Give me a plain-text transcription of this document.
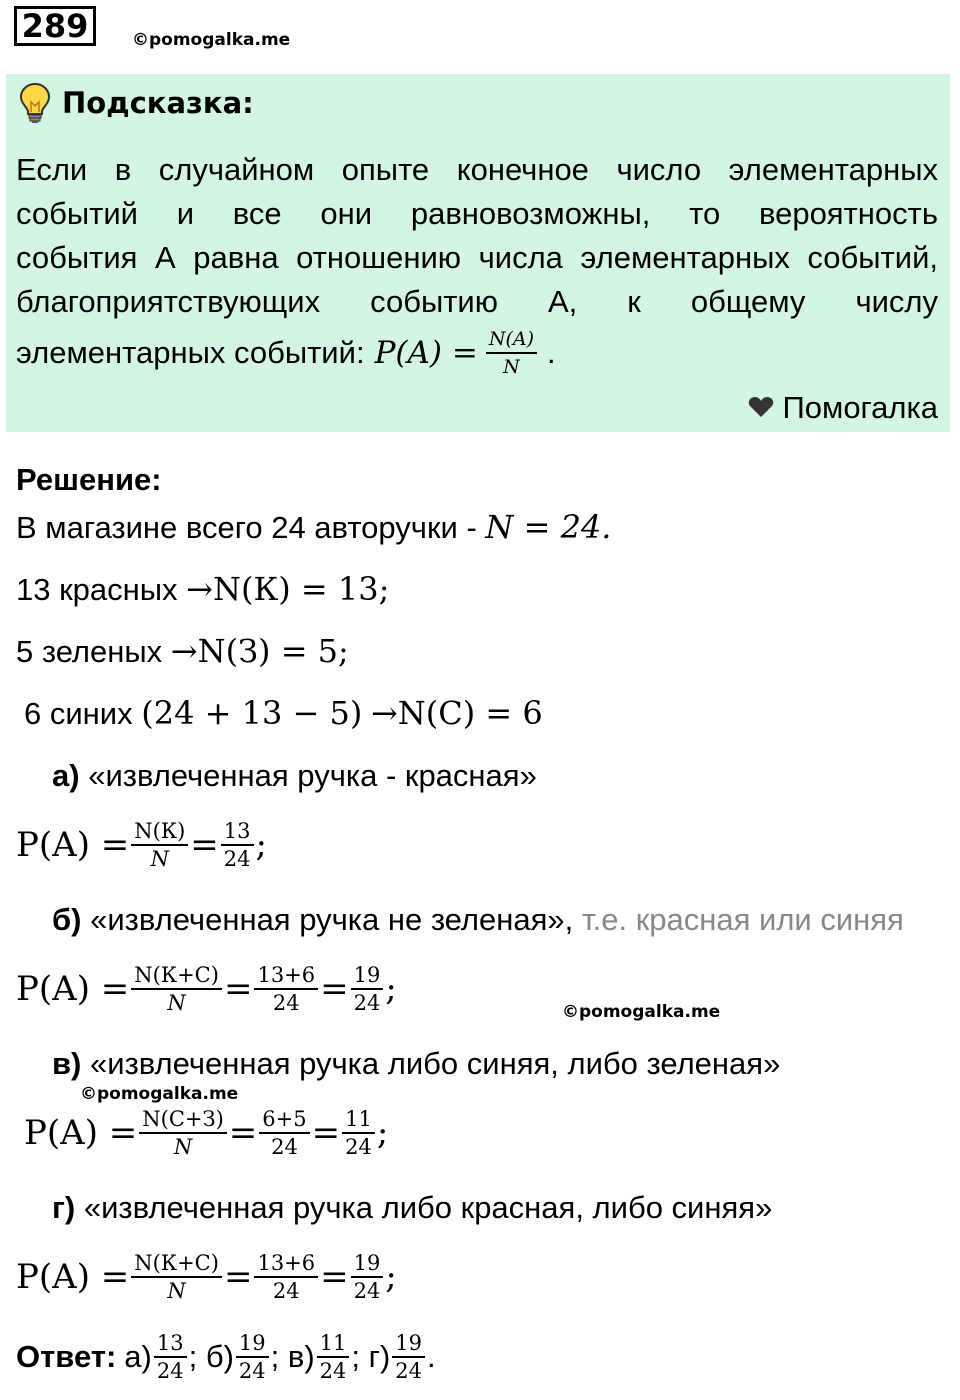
289	©pomogalka.me
Подсказка:
Если в случайном опыте конечное число элементарных
событий и все они равновозможны, то вероятность
события А равна отношению числа элементарных событий,
благоприятствующих событию А, к общему числу
элементарных событий: $P(A) = \frac{N(A)}{N}$ .
Помогалка
Решение:
В магазине всего 24 авторучки - N = 24.
13 красных →N(К) = 13;
5 зеленых →N(З) = 5;
6 синих (24 + 13 − 5) →N(С) = 6
а) «извлеченная ручка - красная»
$P(A) = \frac{N(К)}{N} = \frac{13}{24}$ ;
б) «извлеченная ручка не зеленая», т.е. красная или синяя
$P(A) = \frac{N(К+С)}{N} = \frac{13+6}{24} = \frac{19}{24}$ ;
©pomogalka.me
в) «извлеченная ручка либо синяя, либо зеленая»
©pomogalka.me
$P(A) = \frac{N(С+З)}{N} = \frac{6+5}{24} = \frac{11}{24}$ ;
г) «извлеченная ручка либо красная, либо синяя»
$P(A) = \frac{N(К+С)}{N} = \frac{13+6}{24} = \frac{19}{24}$ ;
Ответ: $а) \frac{13}{24}$ ; $б) \frac{19}{24}$ ; $в) \frac{11}{24}$ ; $г) \frac{19}{24}$ .
